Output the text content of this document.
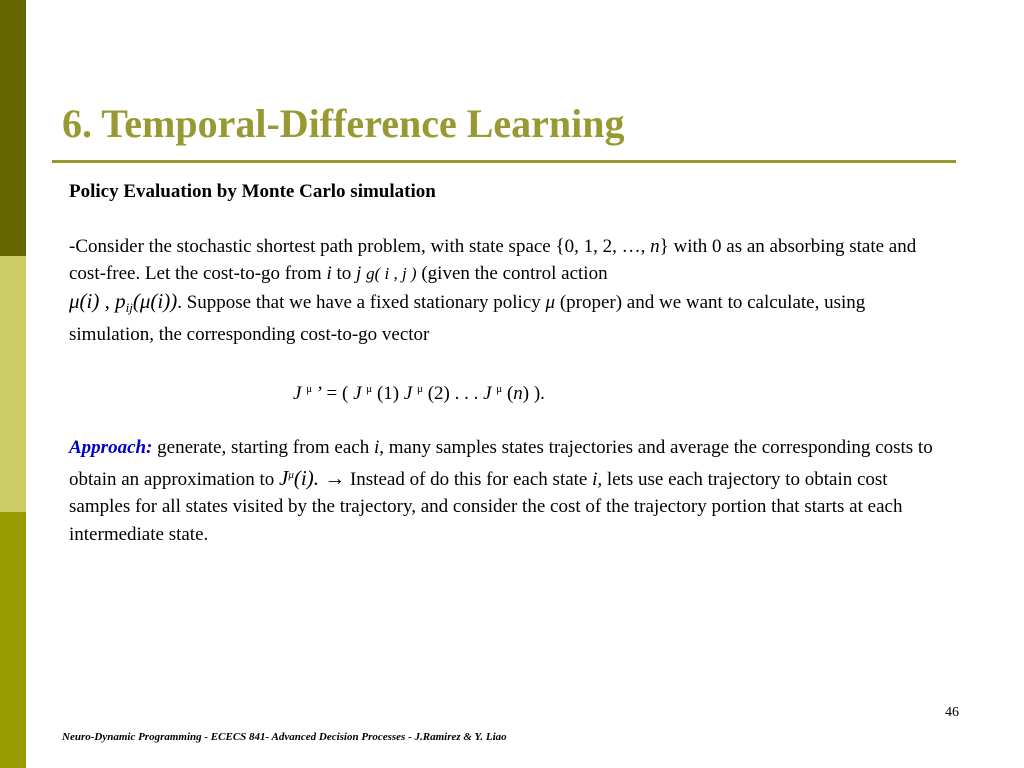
6. Temporal-Difference Learning

Policy Evaluation by Monte Carlo simulation

-Consider the stochastic shortest path problem, with state space {0, 1, 2, …, n} with 0 as an absorbing state and cost-free. Let the cost-to-go from i to j g( i , j ) (given the control action
μ(i) , $p_{ij}(\mu(i))$. Suppose that we have a fixed stationary policy μ (proper) and we want to calculate, using simulation, the corresponding cost-to-go vector

J $^\mu$ ’ = ( J $^\mu$ (1) J $^\mu$ (2) . . . J $^\mu$ (n) ).

Approach: generate, starting from each i, many samples states trajectories and average the corresponding costs to obtain an approximation to $J^\mu(i)$. → Instead of do this for each state i, lets use each trajectory to obtain cost samples for all states visited by the trajectory, and consider the cost of the trajectory portion that starts at each intermediate state.

46
Neuro-Dynamic Programming - ECECS 841- Advanced Decision Processes - J.Ramirez & Y. Liao
